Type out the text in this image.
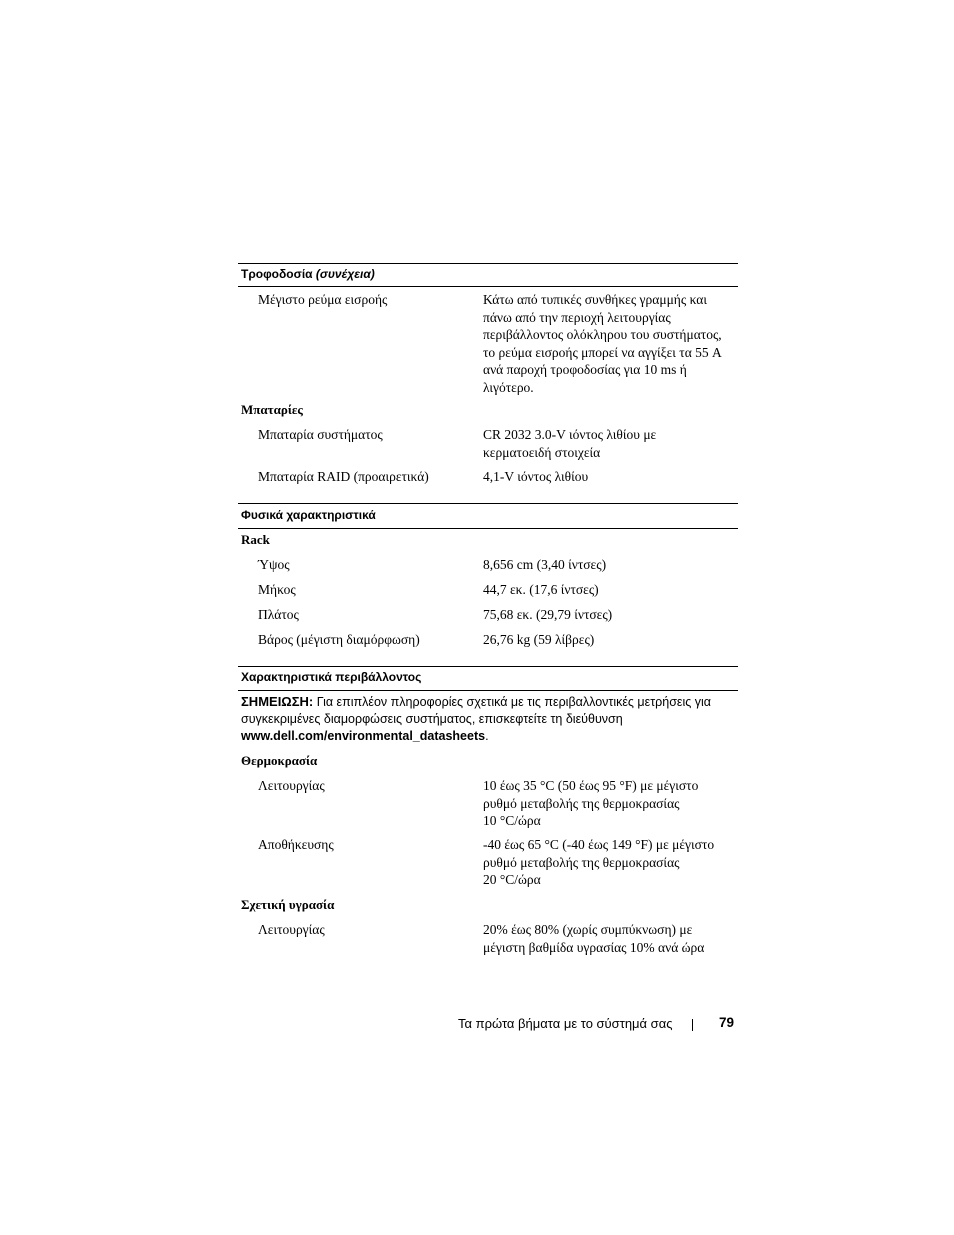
Τροφοδοσία (συνέχεια)
Μέγιστο ρεύμα εισροής	Κάτω από τυπικές συνθήκες γραμμής και
πάνω από την περιοχή λειτουργίας
περιβάλλοντος ολόκληρου του συστήματος,
το ρεύμα εισροής μπορεί να αγγίξει τα 55 A
ανά παροχή τροφοδοσίας για 10 ms ή
λιγότερο.
Μπαταρίες
Μπαταρία συστήματος	CR 2032 3.0-V ιόντος λιθίου με
κερματοειδή στοιχεία
Μπαταρία RAID (προαιρετικά)	4,1-V ιόντος λιθίου
Φυσικά χαρακτηριστικά
Rack
Ύψος	8,656 cm (3,40 ίντσες)
Μήκος	44,7 εκ. (17,6 ίντσες)
Πλάτος	75,68 εκ. (29,79 ίντσες)
Βάρος (μέγιστη διαμόρφωση)	26,76 kg (59 λίβρες)
Χαρακτηριστικά περιβάλλοντος
ΣΗΜΕΙΩΣΗ: Για επιπλέον πληροφορίες σχετικά με τις περιβαλλοντικές μετρήσεις για
συγκεκριμένες διαμορφώσεις συστήματος, επισκεφτείτε τη διεύθυνση
www.dell.com/environmental_datasheets.
Θερμοκρασία
Λειτουργίας	10 έως 35 °C (50 έως 95 °F) με μέγιστο
ρυθμό μεταβολής της θερμοκρασίας
10 °C/ώρα
Αποθήκευσης	-40 έως 65 °C (-40 έως 149 °F) με μέγιστο
ρυθμό μεταβολής της θερμοκρασίας
20 °C/ώρα
Σχετική υγρασία
Λειτουργίας	20% έως 80% (χωρίς συμπύκνωση) με
μέγιστη βαθμίδα υγρασίας 10% ανά ώρα
Τα πρώτα βήματα με το σύστημά σας	79
